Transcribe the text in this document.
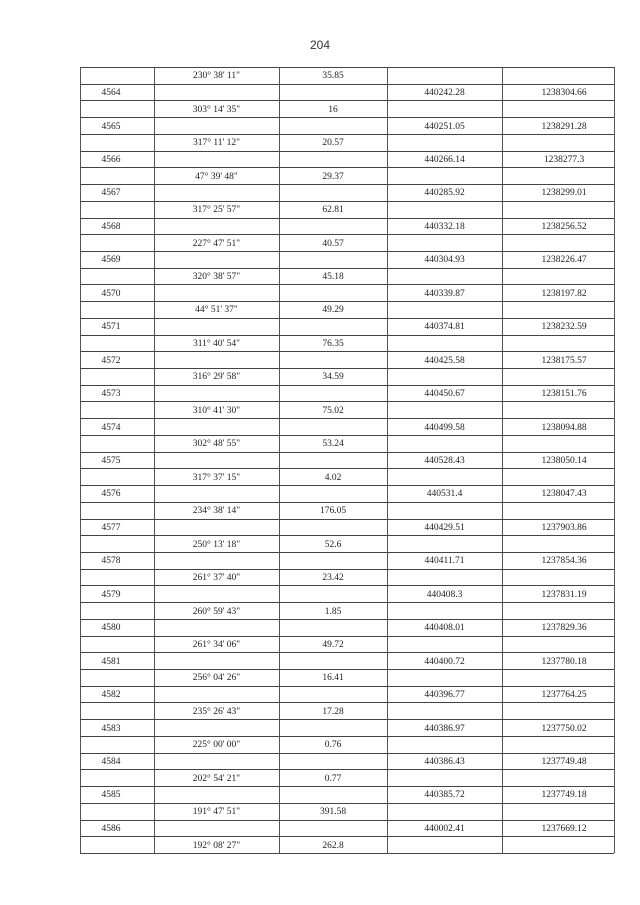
204
230° 38' 11"	35.85
4564	440242.28	1238304.66
303° 14' 35"	16
4565	440251.05	1238291.28
317° 11' 12"	20.57
4566	440266.14	1238277.3
47° 39' 48"	29.37
4567	440285.92	1238299.01
317° 25' 57"	62.81
4568	440332.18	1238256.52
227° 47' 51"	40.57
4569	440304.93	1238226.47
320° 38' 57"	45.18
4570	440339.87	1238197.82
44° 51' 37"	49.29
4571	440374.81	1238232.59
311° 40' 54"	76.35
4572	440425.58	1238175.57
316° 29' 58"	34.59
4573	440450.67	1238151.76
310° 41' 30"	75.02
4574	440499.58	1238094.88
302° 48' 55"	53.24
4575	440528.43	1238050.14
317° 37' 15"	4.02
4576	440531.4	1238047.43
234° 38' 14"	176.05
4577	440429.51	1237903.86
250° 13' 18"	52.6
4578	440411.71	1237854.36
261° 37' 40"	23.42
4579	440408.3	1237831.19
260° 59' 43"	1.85
4580	440408.01	1237829.36
261° 34' 06"	49.72
4581	440400.72	1237780.18
256° 04' 26"	16.41
4582	440396.77	1237764.25
235° 26' 43"	17.28
4583	440386.97	1237750.02
225° 00' 00"	0.76
4584	440386.43	1237749.48
202° 54' 21"	0.77
4585	440385.72	1237749.18
191° 47' 51"	391.58
4586	440002.41	1237669.12
192° 08' 27"	262.8
